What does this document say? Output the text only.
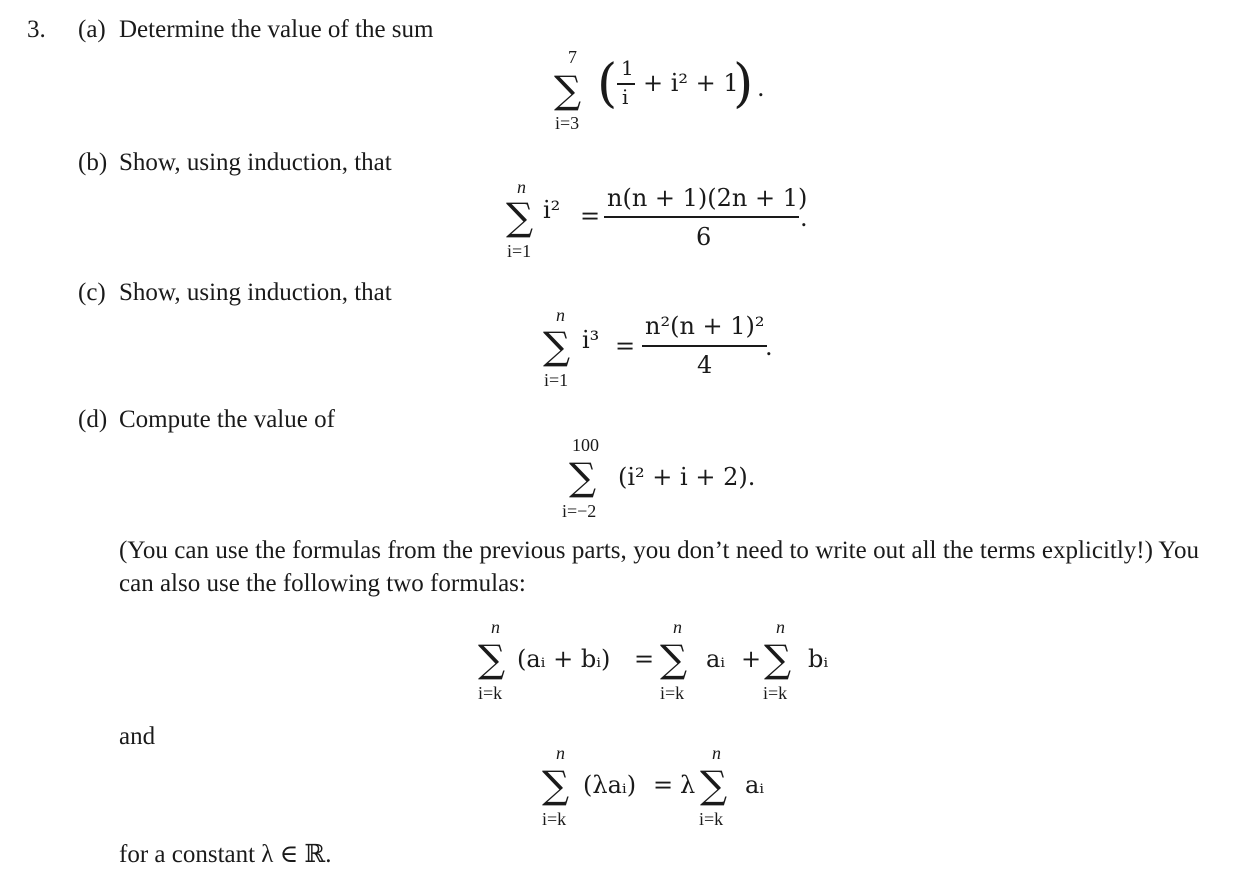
3. (a) Determine the value of the sum
7
∑
i=3
( 1
i + i² + 1
) .
(b) Show, using induction, that
n
∑
i=1
i² =
n(n + 1)(2n + 1)
6
.
(c) Show, using induction, that
n
∑
i=1
i³ =
n²(n + 1)²
4
.
(d) Compute the value of
100
∑
i=−2
(i² + i + 2).
(You can use the formulas from the previous parts, you don’t need to write out all the terms explicitly!) You can also use the following two formulas:
n
∑
i=k
(aᵢ + bᵢ) =
n
∑
i=k
aᵢ +
n
∑
i=k
bᵢ
and
n
∑
i=k
(λaᵢ) = λ
n
∑
i=k
aᵢ
for a constant λ ∈ ℝ.
